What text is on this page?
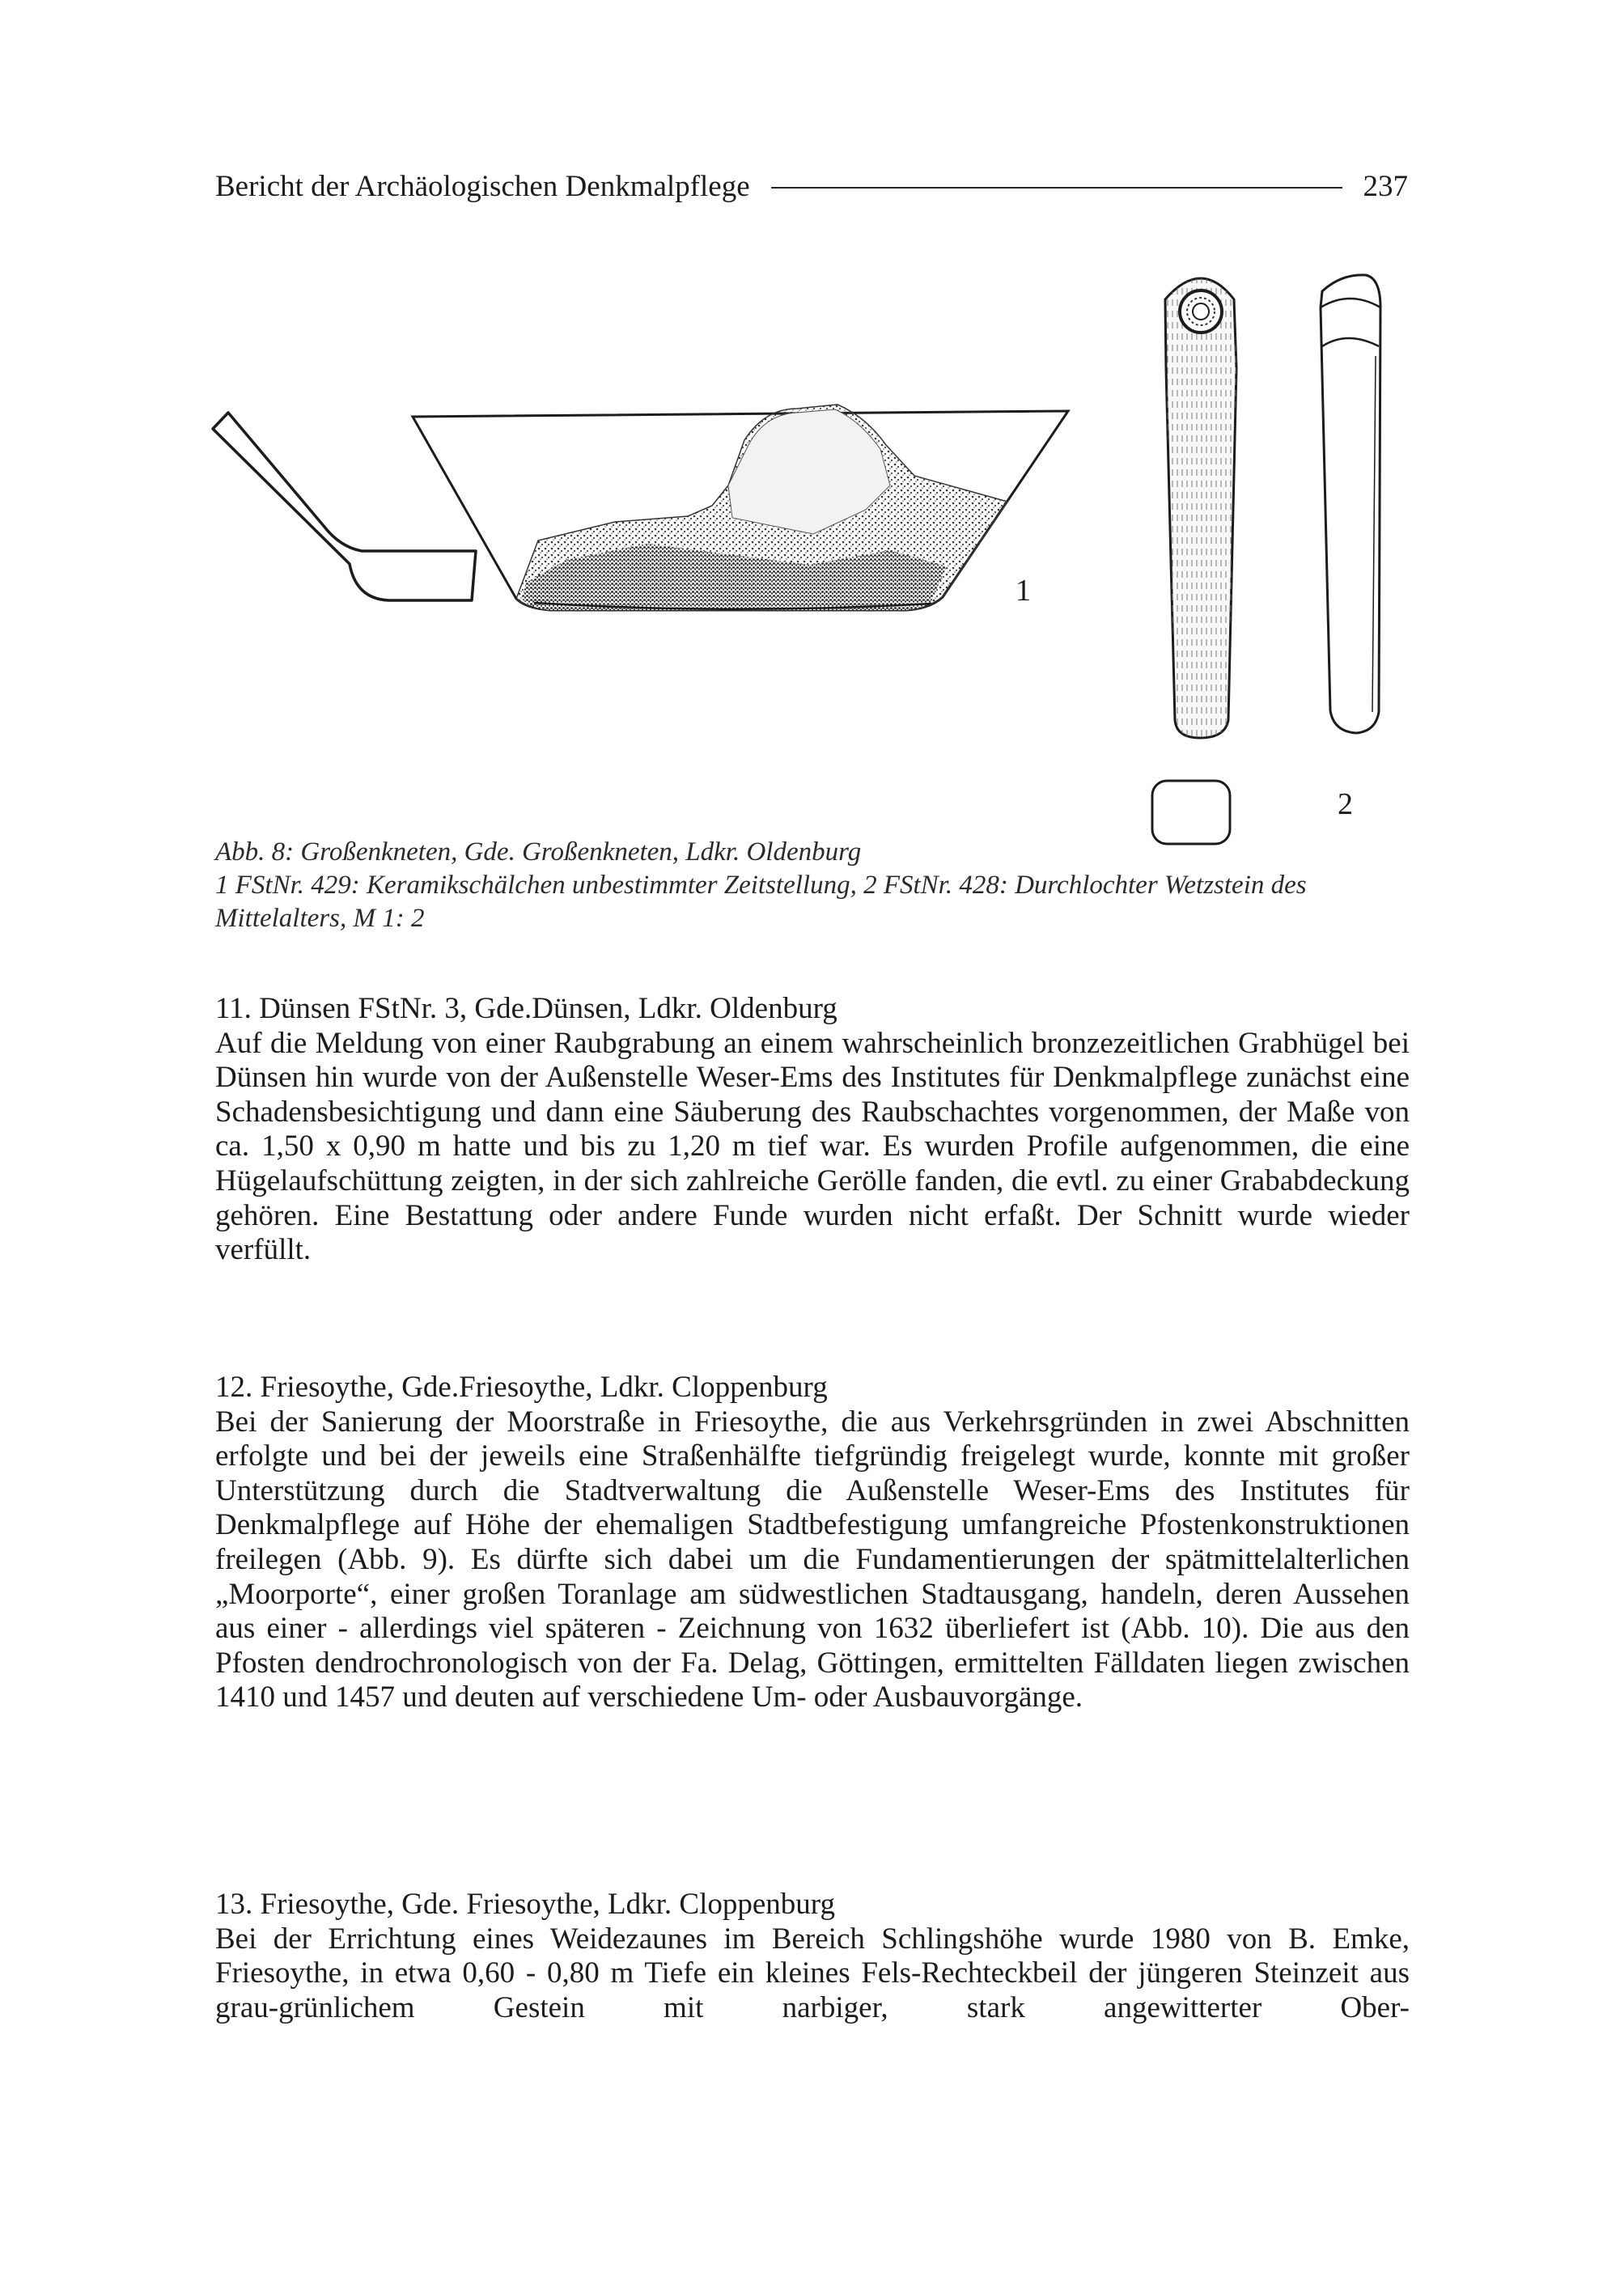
Bericht der Archäologischen Denkmalpflege	237
1
2

Abb. 8: Großenkneten, Gde. Großenkneten, Ldkr. Oldenburg

1 FStNr. 429: Keramikschälchen unbestimmter Zeitstellung, 2 FStNr. 428: Durchlochter Wetzstein des Mittelalters, M 1: 2

11. Dünsen FStNr. 3, Gde.Dünsen, Ldkr. Oldenburg

Auf die Meldung von einer Raubgrabung an einem wahrscheinlich bronzezeitlichen Grabhügel bei Dünsen hin wurde von der Außenstelle Weser-Ems des Institutes für Denkmalpflege zunächst eine Schadensbesichtigung und dann eine Säuberung des Raubschachtes vorgenommen, der Maße von ca. 1,50 x 0,90 m hatte und bis zu 1,20 m tief war. Es wurden Profile aufgenommen, die eine Hügelaufschüttung zeigten, in der sich zahlreiche Gerölle fanden, die evtl. zu einer Grababdeckung gehören. Eine Bestattung oder andere Funde wurden nicht erfaßt. Der Schnitt wurde wieder verfüllt.

12. Friesoythe, Gde.Friesoythe, Ldkr. Cloppenburg

Bei der Sanierung der Moorstraße in Friesoythe, die aus Verkehrsgründen in zwei Abschnitten erfolgte und bei der jeweils eine Straßenhälfte tiefgründig freigelegt wurde, konnte mit großer Unterstützung durch die Stadtverwaltung die Außenstelle Weser-Ems des Institutes für Denkmalpflege auf Höhe der ehemaligen Stadtbefestigung umfangreiche Pfostenkonstruktionen freilegen (Abb. 9). Es dürfte sich dabei um die Fundamentierungen der spätmittelalterlichen „Moorporte“, einer großen Toranlage am südwestlichen Stadtausgang, handeln, deren Aussehen aus einer - allerdings viel späteren - Zeichnung von 1632 überliefert ist (Abb. 10). Die aus den Pfosten dendrochronologisch von der Fa. Delag, Göttingen, ermittelten Fälldaten liegen zwischen 1410 und 1457 und deuten auf verschiedene Um- oder Ausbauvorgänge.

13. Friesoythe, Gde. Friesoythe, Ldkr. Cloppenburg

Bei der Errichtung eines Weidezaunes im Bereich Schlingshöhe wurde 1980 von B. Emke, Friesoythe, in etwa 0,60 - 0,80 m Tiefe ein kleines Fels-Rechteckbeil der jüngeren Steinzeit aus grau-grünlichem Gestein mit narbiger, stark angewitterter Ober-
